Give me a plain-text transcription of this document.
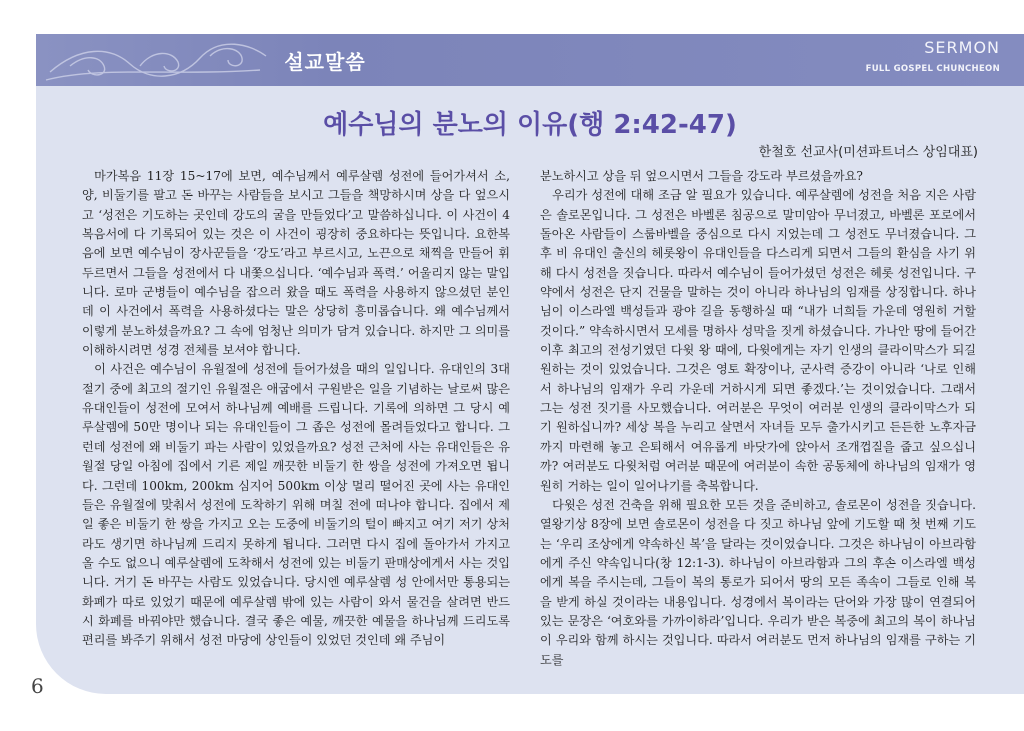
설교말씀
SERMON
FULL GOSPEL CHUNCHEON
예수님의 분노의 이유(행 2:42-47)
한철호 선교사(미션파트너스 상임대표)

마가복음 11장 15~17에 보면, 예수님께서 예루살렘 성전에 들어가셔서 소, 양, 비둘기를 팔고 돈 바꾸는 사람들을 보시고 그들을 책망하시며 상을 다 엎으시고 ‘성전은 기도하는 곳인데 강도의 굴을 만들었다’고 말씀하십니다. 이 사건이 4복음서에 다 기록되어 있는 것은 이 사건이 굉장히 중요하다는 뜻입니다. 요한복음에 보면 예수님이 장사꾼들을 ‘강도’라고 부르시고, 노끈으로 채찍을 만들어 휘두르면서 그들을 성전에서 다 내쫓으십니다. ‘예수님과 폭력.’ 어울리지 않는 말입니다. 로마 군병들이 예수님을 잡으러 왔을 때도 폭력을 사용하지 않으셨던 분인데 이 사건에서 폭력을 사용하셨다는 말은 상당히 흥미롭습니다. 왜 예수님께서 이렇게 분노하셨을까요? 그 속에 엄청난 의미가 담겨 있습니다. 하지만 그 의미를 이해하시려면 성경 전체를 보셔야 합니다.

이 사건은 예수님이 유월절에 성전에 들어가셨을 때의 일입니다. 유대인의 3대 절기 중에 최고의 절기인 유월절은 애굽에서 구원받은 일을 기념하는 날로써 많은 유대인들이 성전에 모여서 하나님께 예배를 드립니다. 기록에 의하면 그 당시 예루살렘에 50만 명이나 되는 유대인들이 그 좁은 성전에 몰려들었다고 합니다. 그런데 성전에 왜 비둘기 파는 사람이 있었을까요? 성전 근처에 사는 유대인들은 유월절 당일 아침에 집에서 기른 제일 깨끗한 비둘기 한 쌍을 성전에 가져오면 됩니다. 그런데 100km, 200km 심지어 500km 이상 멀리 떨어진 곳에 사는 유대인들은 유월절에 맞춰서 성전에 도착하기 위해 며칠 전에 떠나야 합니다. 집에서 제일 좋은 비둘기 한 쌍을 가지고 오는 도중에 비둘기의 털이 빠지고 여기 저기 상처라도 생기면 하나님께 드리지 못하게 됩니다. 그러면 다시 집에 돌아가서 가지고 올 수도 없으니 예루살렘에 도착해서 성전에 있는 비둘기 판매상에게서 사는 것입니다. 거기 돈 바꾸는 사람도 있었습니다. 당시엔 예루살렘 성 안에서만 통용되는 화폐가 따로 있었기 때문에 예루살렘 밖에 있는 사람이 와서 물건을 살려면 반드시 화폐를 바꿔야만 했습니다. 결국 좋은 예물, 깨끗한 예물을 하나님께 드리도록 편리를 봐주기 위해서 성전 마당에 상인들이 있었던 것인데 왜 주님이

분노하시고 상을 뒤 엎으시면서 그들을 강도라 부르셨을까요?

우리가 성전에 대해 조금 알 필요가 있습니다. 예루살렘에 성전을 처음 지은 사람은 솔로몬입니다. 그 성전은 바벨론 침공으로 말미암아 무너졌고, 바벨론 포로에서 돌아온 사람들이 스룹바벨을 중심으로 다시 지었는데 그 성전도 무너졌습니다. 그 후 비 유대인 출신의 헤롯왕이 유대인들을 다스리게 되면서 그들의 환심을 사기 위해 다시 성전을 짓습니다. 따라서 예수님이 들어가셨던 성전은 헤롯 성전입니다. 구약에서 성전은 단지 건물을 말하는 것이 아니라 하나님의 임재를 상징합니다. 하나님이 이스라엘 백성들과 광야 길을 동행하실 때 “내가 너희들 가운데 영원히 거할 것이다.” 약속하시면서 모세를 명하사 성막을 짓게 하셨습니다. 가나안 땅에 들어간 이후 최고의 전성기였던 다윗 왕 때에, 다윗에게는 자기 인생의 클라이막스가 되길 원하는 것이 있었습니다. 그것은 영토 확장이나, 군사력 증강이 아니라 ‘나로 인해서 하나님의 임재가 우리 가운데 거하시게 되면 좋겠다.’는 것이었습니다. 그래서 그는 성전 짓기를 사모했습니다. 여러분은 무엇이 여러분 인생의 클라이막스가 되기 원하십니까? 세상 복을 누리고 살면서 자녀들 모두 출가시키고 든든한 노후자금까지 마련해 놓고 은퇴해서 여유롭게 바닷가에 앉아서 조개껍질을 줍고 싶으십니까? 여러분도 다윗처럼 여러분 때문에 여러분이 속한 공동체에 하나님의 임재가 영원히 거하는 일이 일어나기를 축복합니다.

다윗은 성전 건축을 위해 필요한 모든 것을 준비하고, 솔로몬이 성전을 짓습니다. 열왕기상 8장에 보면 솔로몬이 성전을 다 짓고 하나님 앞에 기도할 때 첫 번째 기도는 ‘우리 조상에게 약속하신 복’을 달라는 것이었습니다. 그것은 하나님이 아브라함에게 주신 약속입니다(창 12:1-3). 하나님이 아브라함과 그의 후손 이스라엘 백성에게 복을 주시는데, 그들이 복의 통로가 되어서 땅의 모든 족속이 그들로 인해 복을 받게 하실 것이라는 내용입니다. 성경에서 복이라는 단어와 가장 많이 연결되어 있는 문장은 ‘여호와를 가까이하라’입니다. 우리가 받은 복중에 최고의 복이 하나님이 우리와 함께 하시는 것입니다. 따라서 여러분도 먼저 하나님의 임재를 구하는 기도를

6
